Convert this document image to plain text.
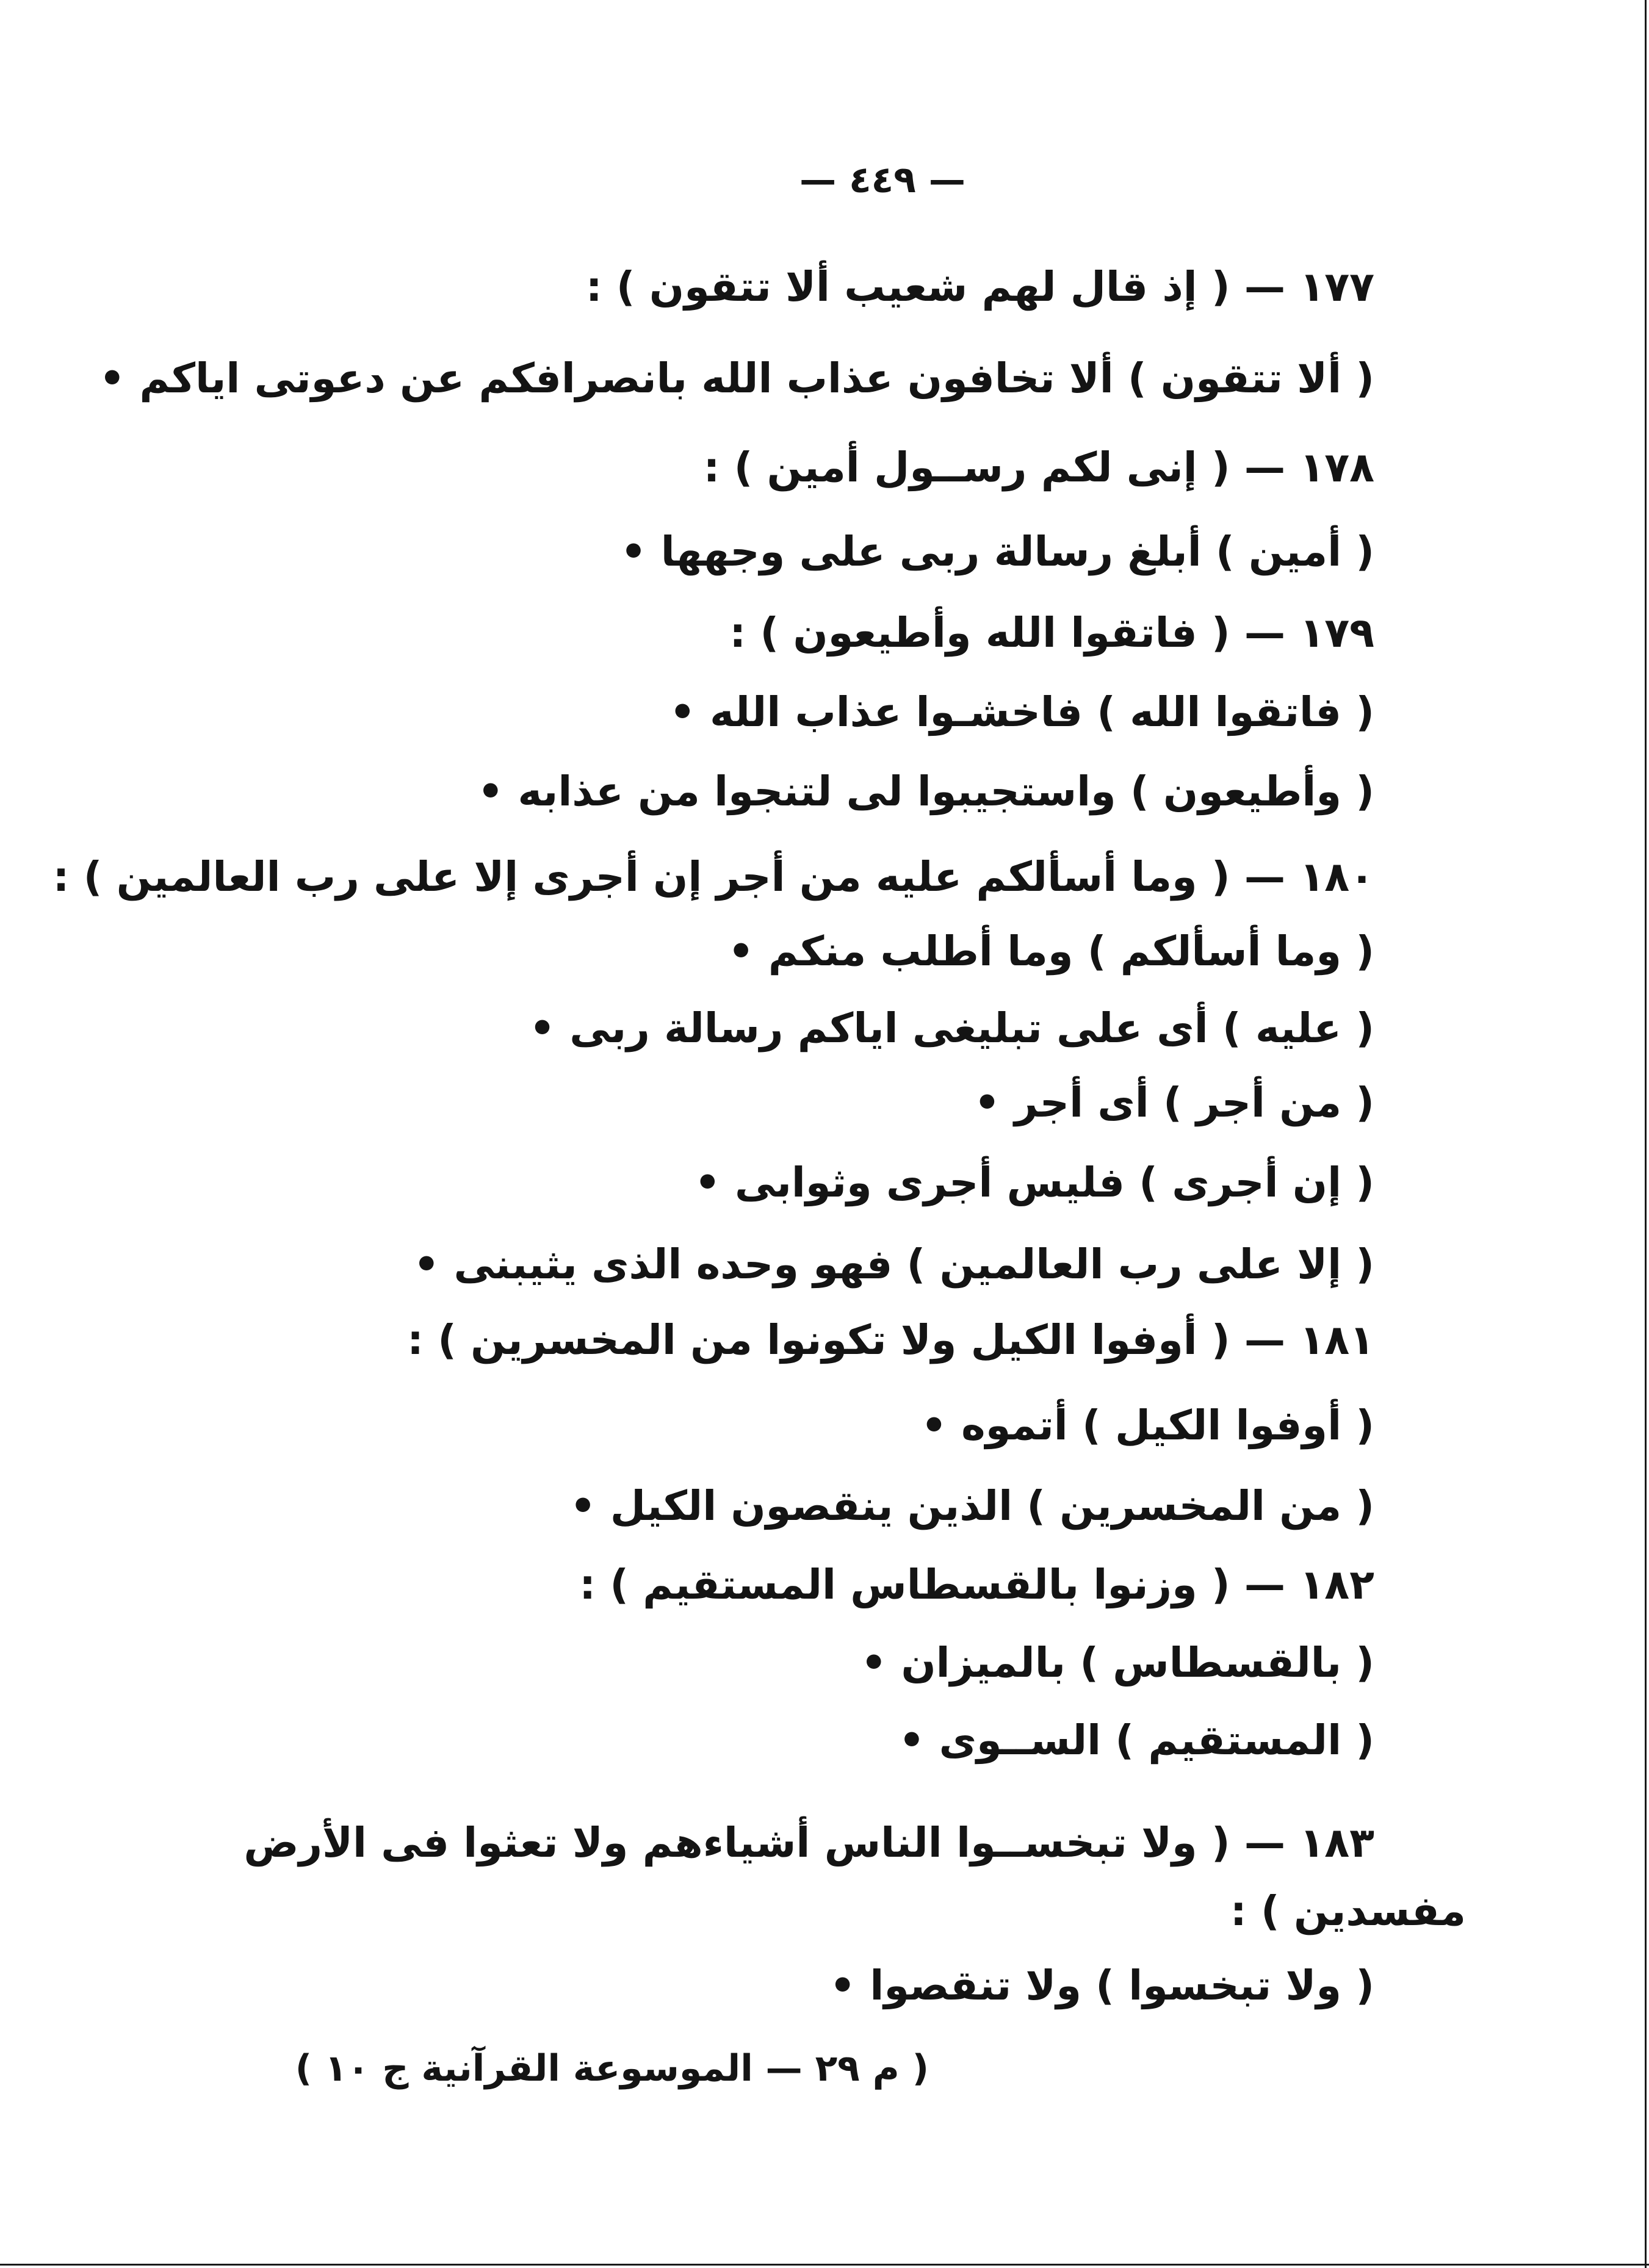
— ٤٤٩ —
١٧٧ — ( إذ قال لهم شعيب ألا تتقون ) :
( ألا تتقون ) ألا تخافون عذاب الله بانصرافكم عن دعوتى اياكم •
١٧٨ — ( إنى لكم رســول أمين ) :
( أمين ) أبلغ رسالة ربى على وجهها •
١٧٩ — ( فاتقوا الله وأطيعون ) :
( فاتقوا الله ) فاخشـوا عذاب الله •
( وأطيعون ) واستجيبوا لى لتنجوا من عذابه •
١٨٠ — ( وما أسألكم عليه من أجر إن أجرى إلا على رب العالمين ) :
( وما أسألكم ) وما أطلب منكم •
( عليه ) أى على تبليغى اياكم رسالة ربى •
( من أجر ) أى أجر •
( إن أجرى ) فليس أجرى وثوابى •
( إلا على رب العالمين ) فهو وحده الذى يثيبنى •
١٨١ — ( أوفوا الكيل ولا تكونوا من المخسرين ) :
( أوفوا الكيل ) أتموه •
( من المخسرين ) الذين ينقصون الكيل •
١٨٢ — ( وزنوا بالقسطاس المستقيم ) :
( بالقسطاس ) بالميزان •
( المستقيم ) الســوى •
١٨٣ — ( ولا تبخســوا الناس أشياءهم ولا تعثوا فى الأرض
مفسدين ) :
( ولا تبخسوا ) ولا تنقصوا •
( م ٢٩ — الموسوعة القرآنية ج ١٠ )
